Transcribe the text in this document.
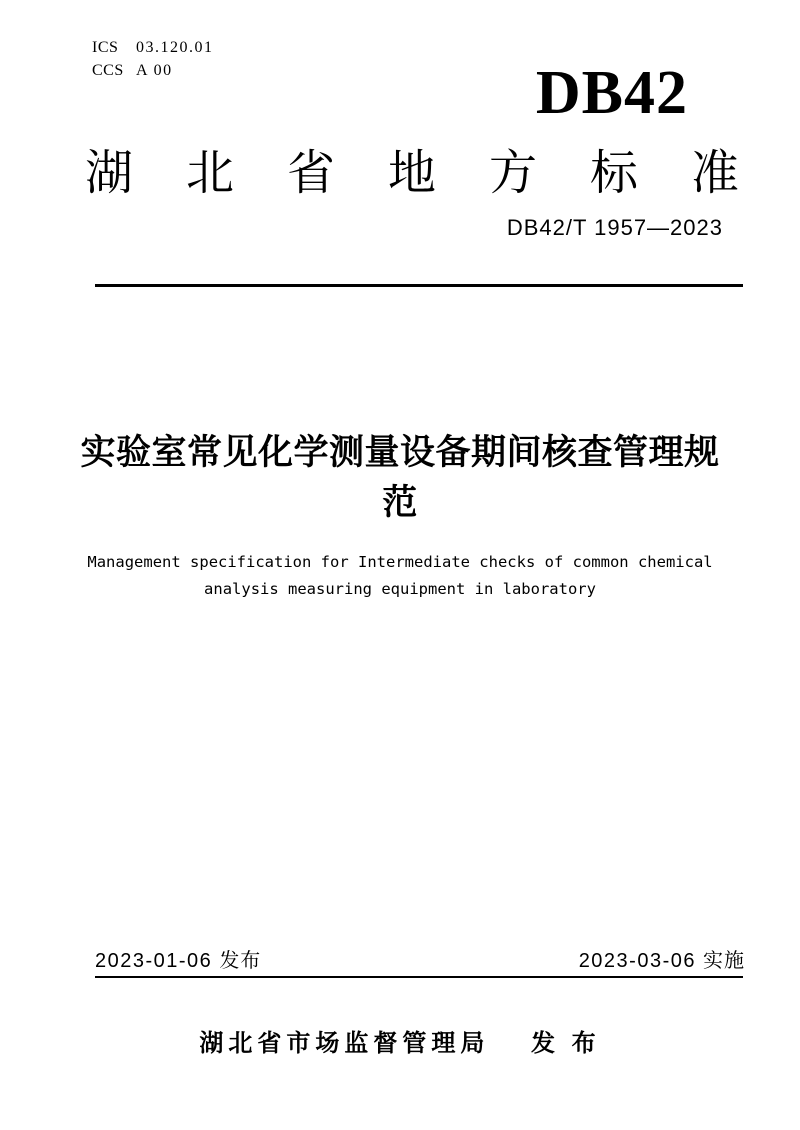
ICS	03.120.01
CCS A 00	DB42
湖北省地方标准
DB42/T 1957—2023
实验室常见化学测量设备期间核查管理规范
Management specification for Intermediate checks of common chemical
analysis measuring equipment in laboratory
2023-01-06 发布	2023-03-06 实施
湖北省市场监督管理局 发 布
